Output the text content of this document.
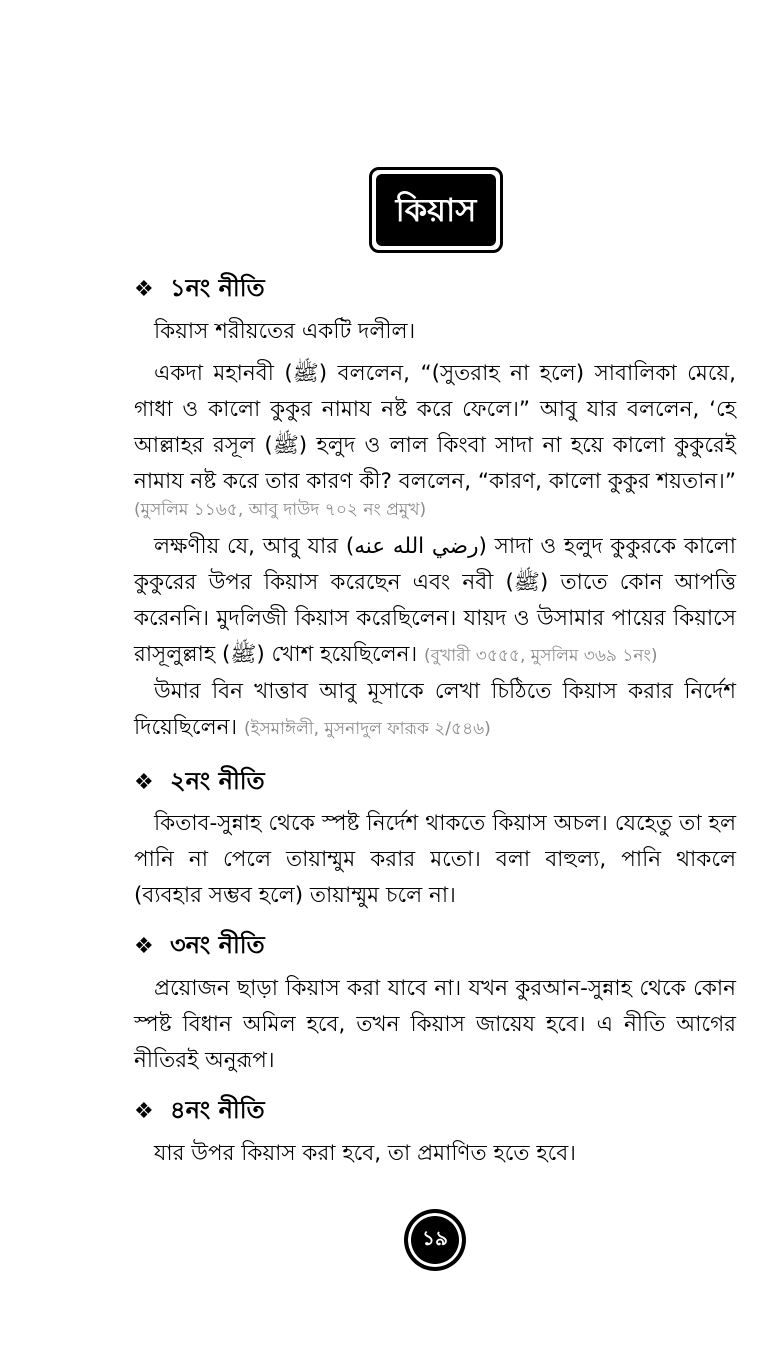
কিয়াস
❖ ১নং নীতি

কিয়াস শরীয়তের একটি দলীল।

একদা মহানবী (ﷺ) বললেন, “(সুতরাহ না হলে) সাবালিকা মেয়ে, গাধা ও কালো কুকুর নামায নষ্ট করে ফেলে।” আবু যার বললেন, ‘হে আল্লাহর রসূল (ﷺ) হলুদ ও লাল কিংবা সাদা না হয়ে কালো কুকুরেই নামায নষ্ট করে তার কারণ কী? বললেন, “কারণ, কালো কুকুর শয়তান।”

(মুসলিম ১১৬৫, আবু দাউদ ৭০২ নং প্রমুখ)

লক্ষণীয় যে, আবু যার (رضي الله عنه) সাদা ও হলুদ কুকুরকে কালো কুকুরের উপর কিয়াস করেছেন এবং নবী (ﷺ) তাতে কোন আপত্তি করেননি। মুদলিজী কিয়াস করেছিলেন। যায়দ ও উসামার পায়ের কিয়াসে রাসূলুল্লাহ (ﷺ) খোশ হয়েছিলেন। (বুখারী ৩৫৫৫, মুসলিম ৩৬৯ ১নং)

উমার বিন খাত্তাব আবু মূসাকে লেখা চিঠিতে কিয়াস করার নির্দেশ দিয়েছিলেন। (ইসমাঈলী, মুসনাদুল ফারূক ২/৫৪৬)

❖ ২নং নীতি

কিতাব-সুন্নাহ থেকে স্পষ্ট নির্দেশ থাকতে কিয়াস অচল। যেহেতু তা হল পানি না পেলে তায়াম্মুম করার মতো। বলা বাহুল্য, পানি থাকলে (ব্যবহার সম্ভব হলে) তায়াম্মুম চলে না।

❖ ৩নং নীতি

প্রয়োজন ছাড়া কিয়াস করা যাবে না। যখন কুরআন-সুন্নাহ থেকে কোন স্পষ্ট বিধান অমিল হবে, তখন কিয়াস জায়েয হবে। এ নীতি আগের নীতিরই অনুরূপ।

❖ ৪নং নীতি

যার উপর কিয়াস করা হবে, তা প্রমাণিত হতে হবে।

১৯
